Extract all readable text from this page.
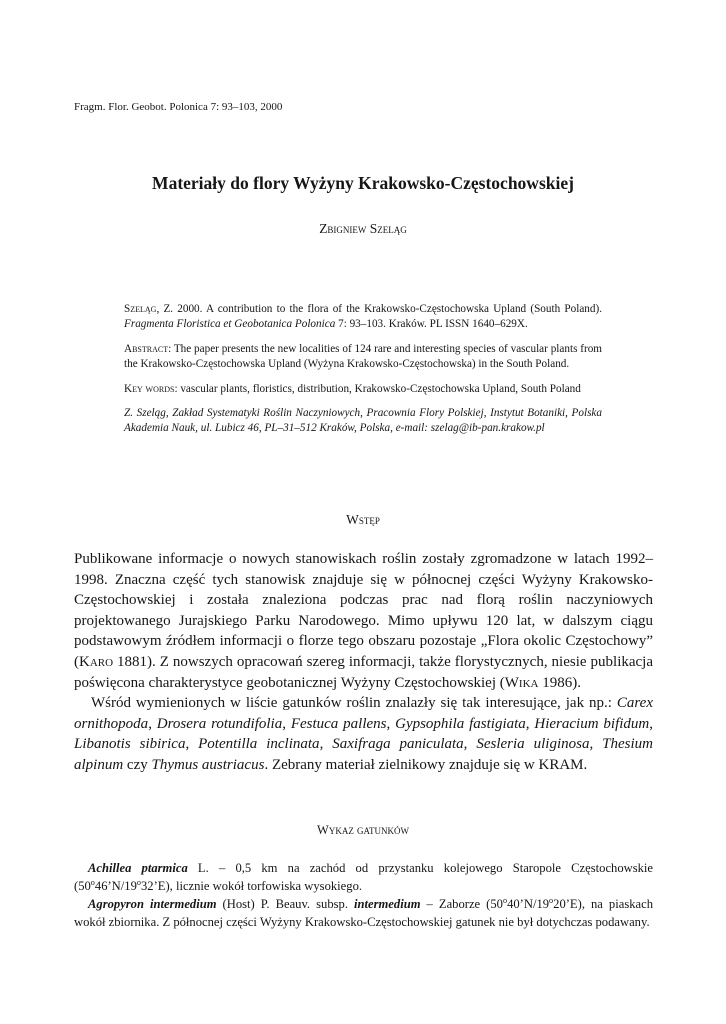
Fragm. Flor. Geobot. Polonica 7: 93–103, 2000
Materiały do flory Wyżyny Krakowsko-Częstochowskiej
Zbigniew Szeląg

Szeląg, Z. 2000. A contribution to the flora of the Krakowsko-Częstochowska Upland (South Poland). Fragmenta Floristica et Geobotanica Polonica 7: 93–103. Kraków. PL ISSN 1640–629X.

Abstract: The paper presents the new localities of 124 rare and interesting species of vascular plants from the Krakowsko-Częstochowska Upland (Wyżyna Krakowsko-Częstochowska) in the South Poland.

Key words: vascular plants, floristics, distribution, Krakowsko-Częstochowska Upland, South Poland

Z. Szeląg, Zakład Systematyki Roślin Naczyniowych, Pracownia Flory Polskiej, Instytut Botaniki, Polska Akademia Nauk, ul. Lubicz 46, PL–31–512 Kraków, Polska, e-mail: szelag@ib-pan.krakow.pl

Wstęp

Publikowane informacje o nowych stanowiskach roślin zostały zgromadzone w latach 1992–1998. Znaczna część tych stanowisk znajduje się w północnej części Wyżyny Krakowsko-Częstochowskiej i została znaleziona podczas prac nad florą roślin naczyniowych projektowanego Jurajskiego Parku Narodowego. Mimo upływu 120 lat, w dalszym ciągu podstawowym źródłem informacji o florze tego obszaru pozostaje „Flora okolic Częstochowy” (Karo 1881). Z nowszych opracowań szereg informacji, także florystycznych, niesie publikacja poświęcona charakterystyce geobotanicznej Wyżyny Częstochowskiej (Wika 1986).

Wśród wymienionych w liście gatunków roślin znalazły się tak interesujące, jak np.: Carex ornithopoda, Drosera rotundifolia, Festuca pallens, Gypsophila fastigiata, Hieracium bifidum, Libanotis sibirica, Potentilla inclinata, Saxifraga paniculata, Sesleria uliginosa, Thesium alpinum czy Thymus austriacus. Zebrany materiał zielnikowy znajduje się w KRAM.

Wykaz gatunków

Achillea ptarmica L. – 0,5 km na zachód od przystanku kolejowego Staropole Częstochowskie (50$^o$46’N/19$^o$32’E), licznie wokół torfowiska wysokiego.

Agropyron intermedium (Host) P. Beauv. subsp. intermedium – Zaborze (50$^o$40’N/19$^o$20’E), na piaskach wokół zbiornika. Z północnej części Wyżyny Krakowsko-Częstochowskiej gatunek nie był dotychczas podawany.
